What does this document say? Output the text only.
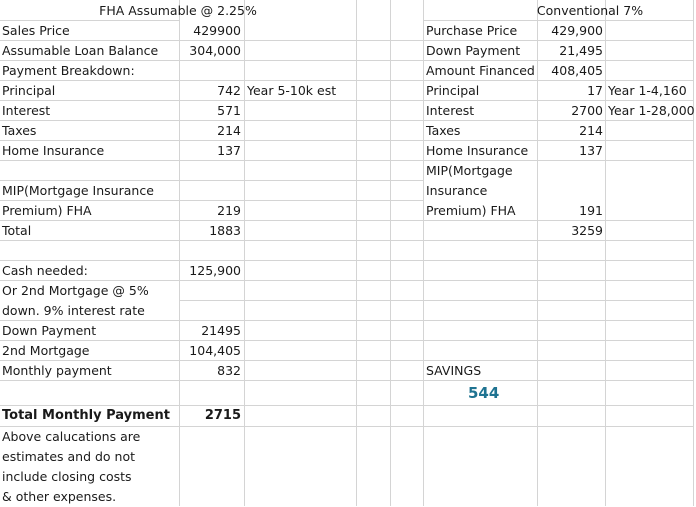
FHA Assumable @ 2.25%
Sales Price	429900
Assumable Loan Balance	304,000
Payment Breakdown:
Principal	742 Year 5-10k est
Interest	571
Taxes	214
Home Insurance	137
MIP(Mortgage Insurance
Premium) FHA	219
Total	1883
Cash needed:	125,900
Or 2nd Mortgage @ 5%
down. 9% interest rate
Down Payment	21495
2nd Mortgage	104,405
Monthly payment	832
Total Monthly Payment	2715
Above calucations are
estimates and do not
include closing costs
& other expenses.
Conventional 7%
Purchase Price	429,900
Down Payment	21,495
Amount Financed	408,405
Principal	17 Year 1-4,160
Interest	2700 Year 1-28,000
Taxes	214
Home Insurance	137
MIP(Mortgage
Insurance
Premium) FHA	191
3259
SAVINGS
544
